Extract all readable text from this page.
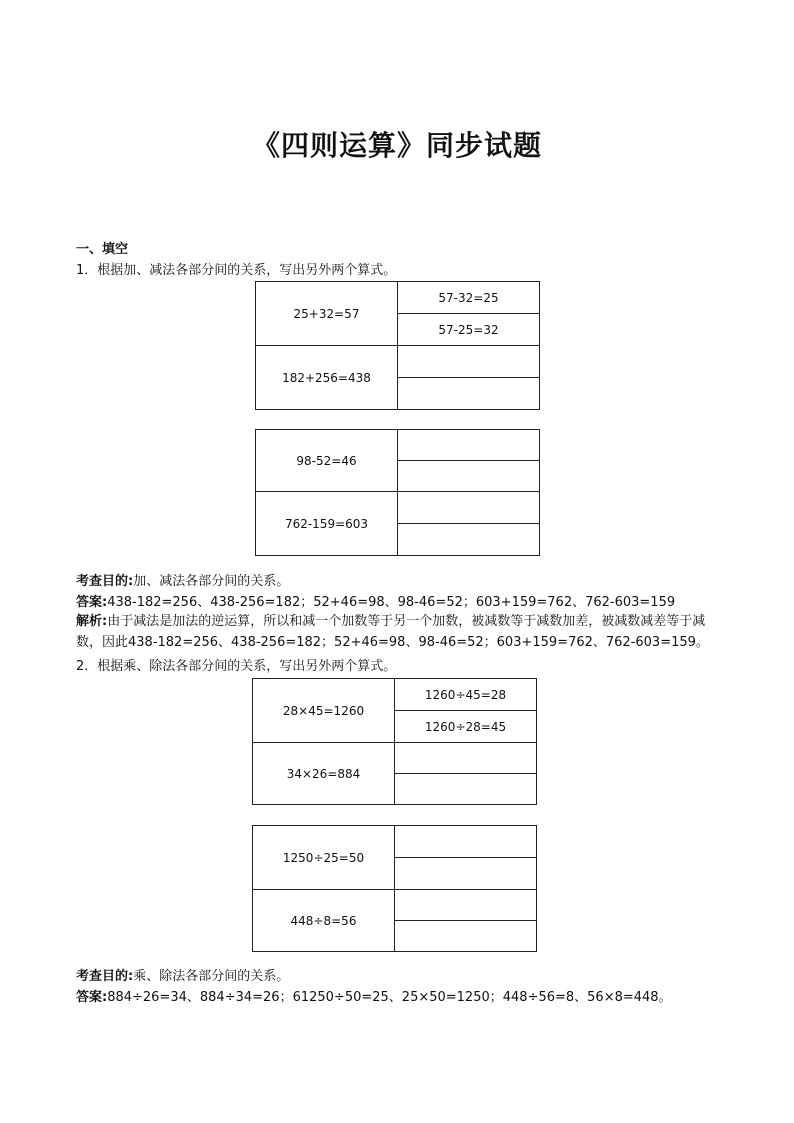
《四则运算》同步试题
一、填空
1．根据加、减法各部分间的关系，写出另外两个算式。
25+32=57	57-32=25
	57-25=32
182+256=438	

98-52=46	

762-159=603	

考查目的:加、减法各部分间的关系。
答案:438-182=256、438-256=182；52+46=98、98-46=52；603+159=762、762-603=159
解析:由于减法是加法的逆运算，所以和减一个加数等于另一个加数，被减数等于减数加差，被减数减差等于减数，因此438-182=256、438-256=182；52+46=98、98-46=52；603+159=762、762-603=159。
2．根据乘、除法各部分间的关系，写出另外两个算式。
28×45=1260	1260÷45=28
	1260÷28=45
34×26=884	

1250÷25=50	

448÷8=56	

考查目的:乘、除法各部分间的关系。
答案:884÷26=34、884÷34=26；61250÷50=25、25×50=1250；448÷56=8、56×8=448。
